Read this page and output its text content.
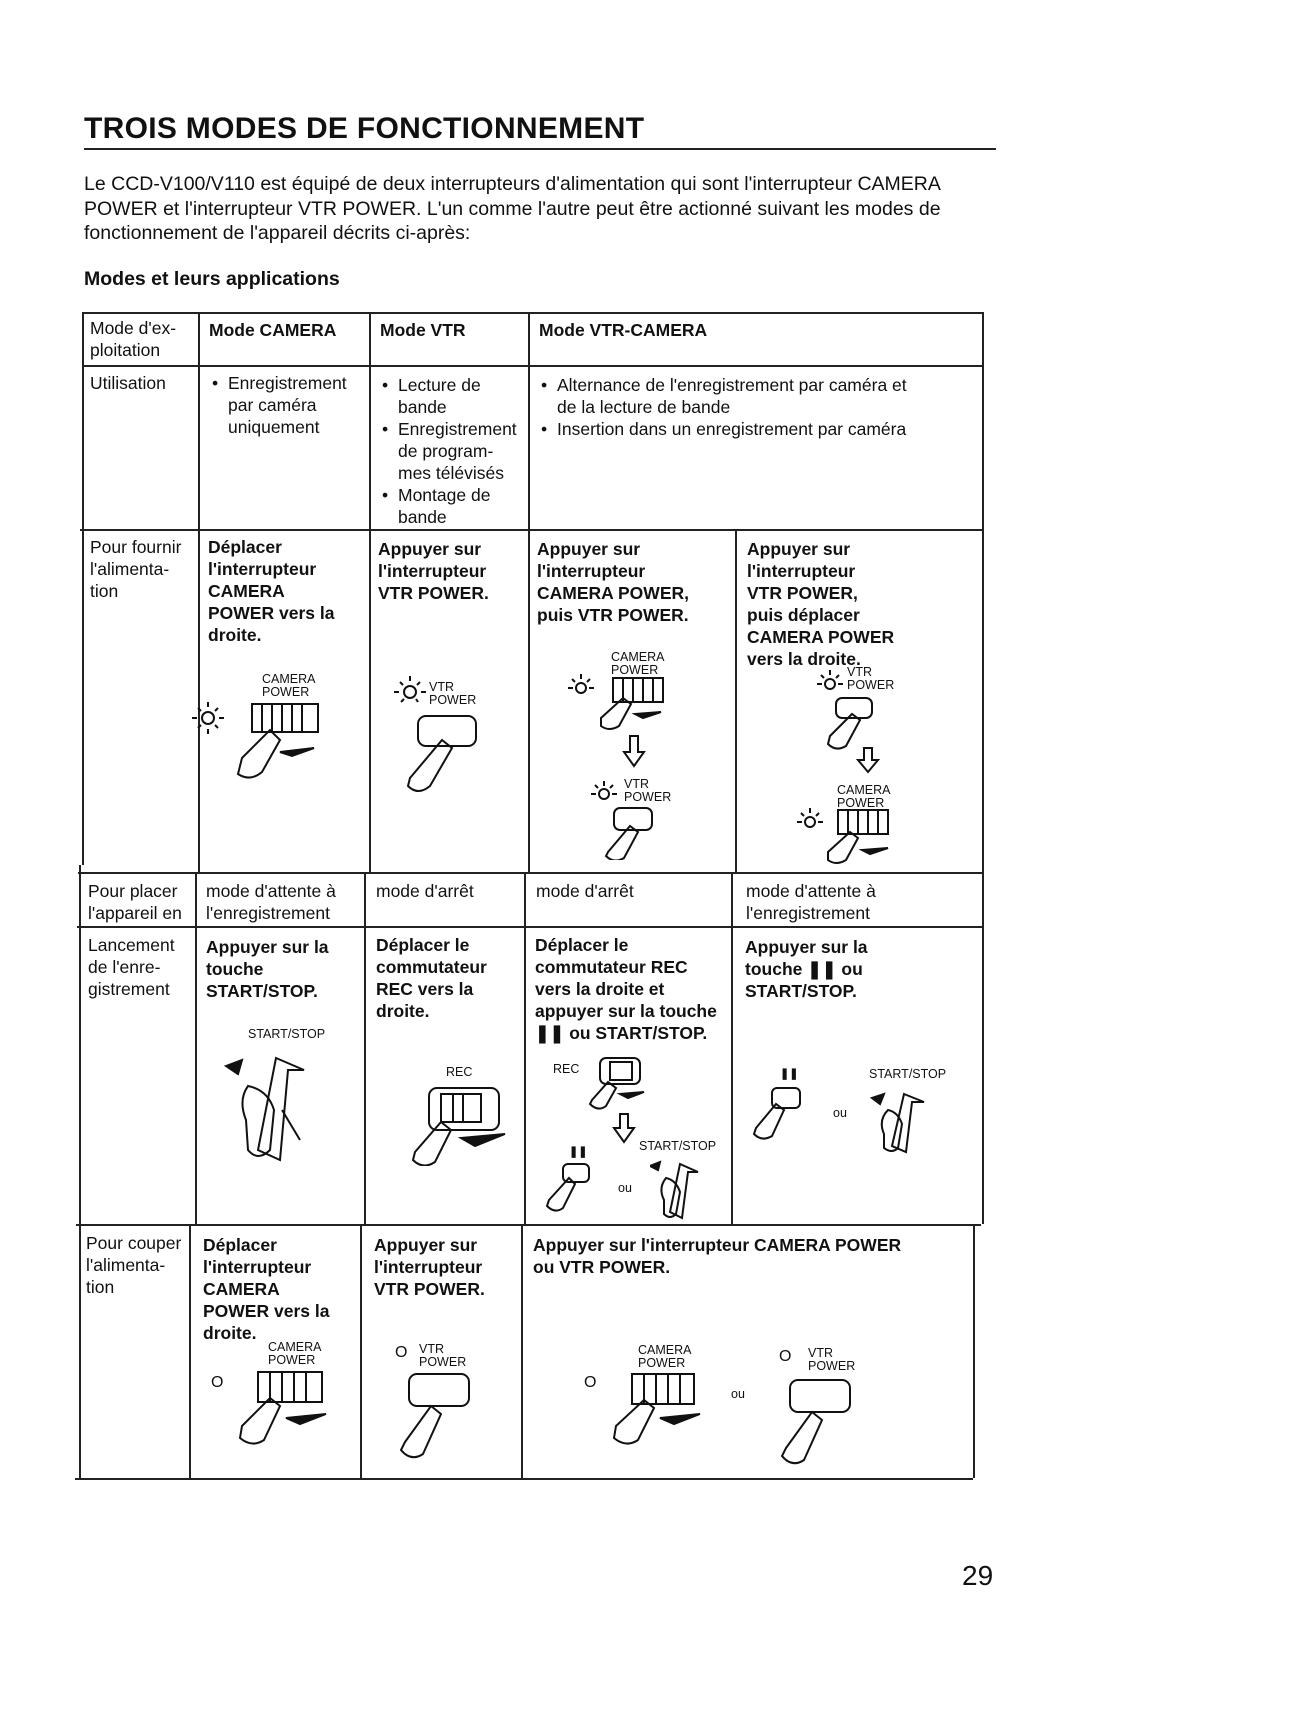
TROIS MODES DE FONCTIONNEMENT
Le CCD-V100/V110 est équipé de deux interrupteurs d'alimentation qui sont l'interrupteur CAMERA POWER et l'interrupteur VTR POWER. L'un comme l'autre peut être actionné suivant les modes de fonctionnement de l'appareil décrits ci-après:
Modes et leurs applications
Mode d'ex-
ploitation
Mode CAMERA	Mode VTR	Mode VTR-CAMERA
Utilisation
•	Enregistrement par caméra uniquement
• Lecture de bande
• Enregistrement de program-mes télévisés
• Montage de bande
• Alternance de l'enregistrement par caméra et de la lecture de bande
• Insertion dans un enregistrement par caméra
Pour fournir l'alimenta-tion
Déplacer l'interrupteur CAMERA POWER vers la droite.
Appuyer sur l'interrupteur VTR POWER.
Appuyer sur l'interrupteur CAMERA POWER, puis VTR POWER.
Appuyer sur l'interrupteur VTR POWER, puis déplacer CAMERA POWER vers la droite.
Pour placer l'appareil en
mode d'attente à l'enregistrement
mode d'arrêt	mode d'arrêt	mode d'attente à l'enregistrement
Lancement de l'enre-gistrement
Appuyer sur la touche START/STOP.
Déplacer le commutateur REC vers la droite.
Déplacer le commutateur REC vers la droite et appuyer sur la touche ❚❚ ou START/STOP.
Appuyer sur la touche ❚❚ ou START/STOP.
Pour couper l'alimenta-tion
Déplacer l'interrupteur CAMERA POWER vers la droite.
Appuyer sur l'interrupteur VTR POWER.
Appuyer sur l'interrupteur CAMERA POWER ou VTR POWER.
CAMERA
POWER	VTR
POWER
CAMERA
POWER
VTR
POWER
VTR
POWER
CAMERA
POWER
START/STOP
REC	REC
START/STOP
❚❚
ou
❚❚	START/STOP
ou
CAMERA
POWER
O
O VTR
POWER
CAMERA
POWER
O
ou
O VTR
POWER
29
